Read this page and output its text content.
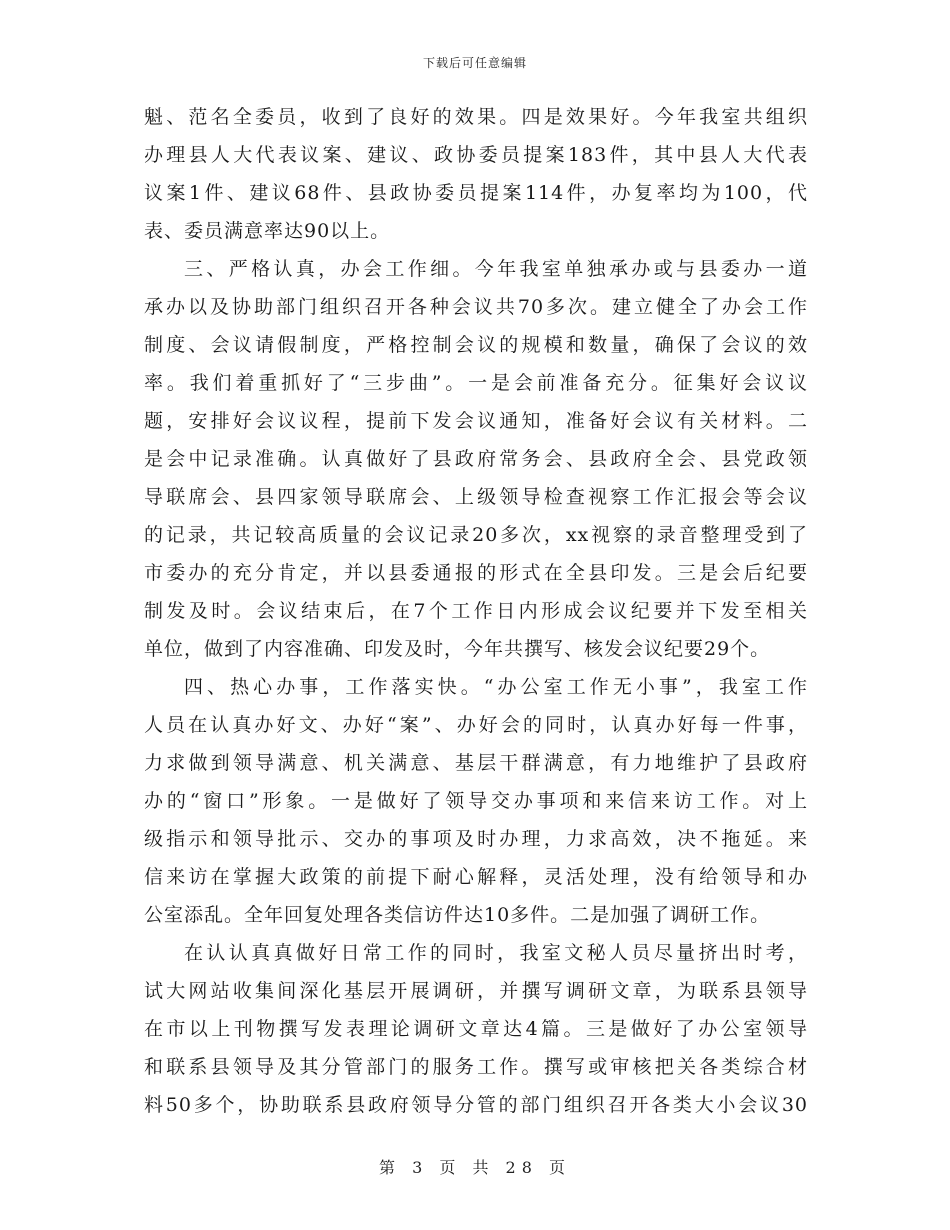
下载后可任意编辑
魁、范名全委员，收到了良好的效果。四是效果好。今年我室共组织
办理县人大代表议案、建议、政协委员提案183件，其中县人大代表
议案1件、建议68件、县政协委员提案114件，办复率均为100，代
表、委员满意率达90以上。
三、严格认真，办会工作细。今年我室单独承办或与县委办一道
承办以及协助部门组织召开各种会议共70多次。建立健全了办会工作
制度、会议请假制度，严格控制会议的规模和数量，确保了会议的效
率。我们着重抓好了“三步曲”。一是会前准备充分。征集好会议议
题，安排好会议议程，提前下发会议通知，准备好会议有关材料。二
是会中记录准确。认真做好了县政府常务会、县政府全会、县党政领
导联席会、县四家领导联席会、上级领导检查视察工作汇报会等会议
的记录，共记较高质量的会议记录20多次，xx视察的录音整理受到了
市委办的充分肯定，并以县委通报的形式在全县印发。三是会后纪要
制发及时。会议结束后，在7个工作日内形成会议纪要并下发至相关
单位，做到了内容准确、印发及时，今年共撰写、核发会议纪要29个。
四、热心办事，工作落实快。“办公室工作无小事”，我室工作
人员在认真办好文、办好“案”、办好会的同时，认真办好每一件事，
力求做到领导满意、机关满意、基层干群满意，有力地维护了县政府
办的“窗口”形象。一是做好了领导交办事项和来信来访工作。对上
级指示和领导批示、交办的事项及时办理，力求高效，决不拖延。来
信来访在掌握大政策的前提下耐心解释，灵活处理，没有给领导和办
公室添乱。全年回复处理各类信访件达10多件。二是加强了调研工作。
在认认真真做好日常工作的同时，我室文秘人员尽量挤出时考，
试大网站收集间深化基层开展调研，并撰写调研文章，为联系县领导
在市以上刊物撰写发表理论调研文章达4篇。三是做好了办公室领导
和联系县领导及其分管部门的服务工作。撰写或审核把关各类综合材
料50多个，协助联系县政府领导分管的部门组织召开各类大小会议30
第 3 页 共 28 页
